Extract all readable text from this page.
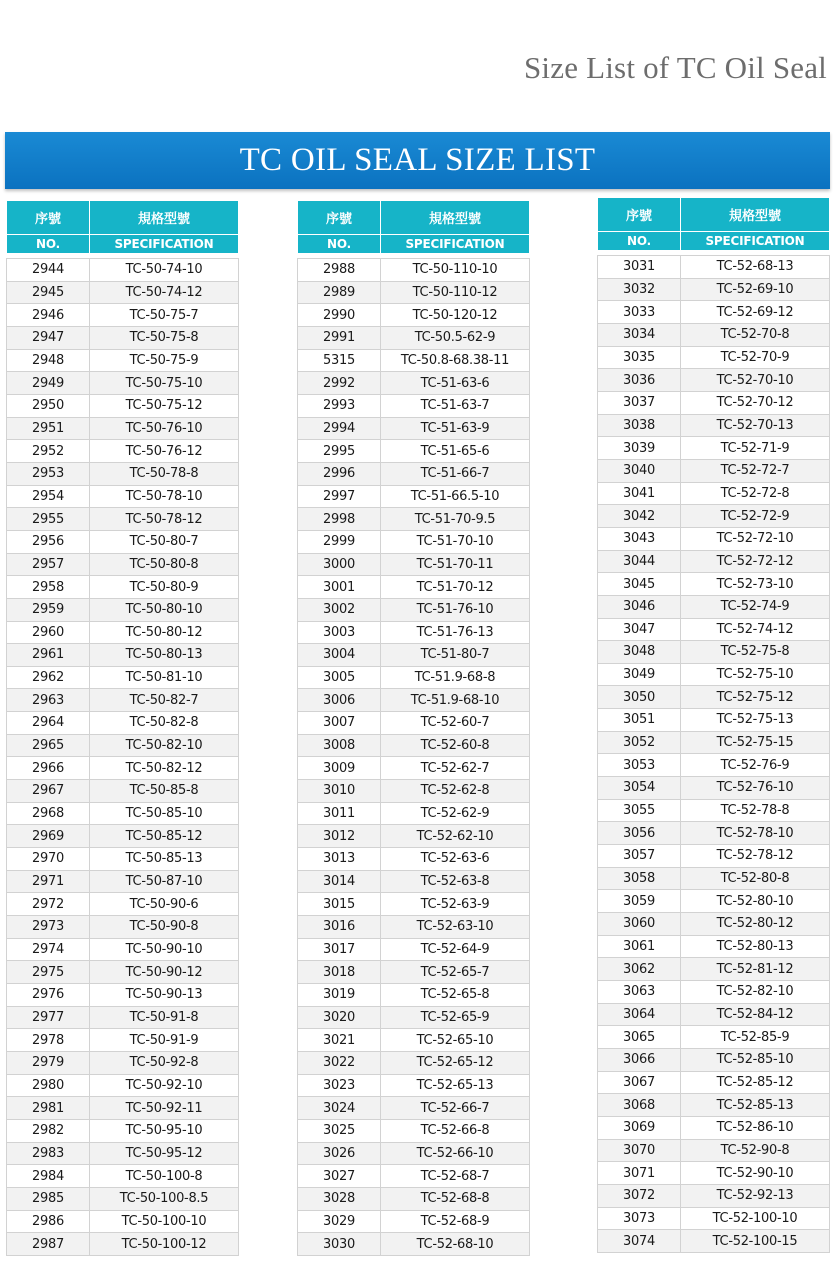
Size List of TC Oil Seal
TC OIL SEAL SIZE LIST
序號	規格型號
NO.	SPECIFICATION

2944	TC-50-74-10
2945	TC-50-74-12
2946	TC-50-75-7
2947	TC-50-75-8
2948	TC-50-75-9
2949	TC-50-75-10
2950	TC-50-75-12
2951	TC-50-76-10
2952	TC-50-76-12
2953	TC-50-78-8
2954	TC-50-78-10
2955	TC-50-78-12
2956	TC-50-80-7
2957	TC-50-80-8
2958	TC-50-80-9
2959	TC-50-80-10
2960	TC-50-80-12
2961	TC-50-80-13
2962	TC-50-81-10
2963	TC-50-82-7
2964	TC-50-82-8
2965	TC-50-82-10
2966	TC-50-82-12
2967	TC-50-85-8
2968	TC-50-85-10
2969	TC-50-85-12
2970	TC-50-85-13
2971	TC-50-87-10
2972	TC-50-90-6
2973	TC-50-90-8
2974	TC-50-90-10
2975	TC-50-90-12
2976	TC-50-90-13
2977	TC-50-91-8
2978	TC-50-91-9
2979	TC-50-92-8
2980	TC-50-92-10
2981	TC-50-92-11
2982	TC-50-95-10
2983	TC-50-95-12
2984	TC-50-100-8
2985	TC-50-100-8.5
2986	TC-50-100-10
2987	TC-50-100-12
序號	規格型號
NO.	SPECIFICATION

2988	TC-50-110-10
2989	TC-50-110-12
2990	TC-50-120-12
2991	TC-50.5-62-9
5315	TC-50.8-68.38-11
2992	TC-51-63-6
2993	TC-51-63-7
2994	TC-51-63-9
2995	TC-51-65-6
2996	TC-51-66-7
2997	TC-51-66.5-10
2998	TC-51-70-9.5
2999	TC-51-70-10
3000	TC-51-70-11
3001	TC-51-70-12
3002	TC-51-76-10
3003	TC-51-76-13
3004	TC-51-80-7
3005	TC-51.9-68-8
3006	TC-51.9-68-10
3007	TC-52-60-7
3008	TC-52-60-8
3009	TC-52-62-7
3010	TC-52-62-8
3011	TC-52-62-9
3012	TC-52-62-10
3013	TC-52-63-6
3014	TC-52-63-8
3015	TC-52-63-9
3016	TC-52-63-10
3017	TC-52-64-9
3018	TC-52-65-7
3019	TC-52-65-8
3020	TC-52-65-9
3021	TC-52-65-10
3022	TC-52-65-12
3023	TC-52-65-13
3024	TC-52-66-7
3025	TC-52-66-8
3026	TC-52-66-10
3027	TC-52-68-7
3028	TC-52-68-8
3029	TC-52-68-9
3030	TC-52-68-10
序號	規格型號
NO.	SPECIFICATION

3031	TC-52-68-13
3032	TC-52-69-10
3033	TC-52-69-12
3034	TC-52-70-8
3035	TC-52-70-9
3036	TC-52-70-10
3037	TC-52-70-12
3038	TC-52-70-13
3039	TC-52-71-9
3040	TC-52-72-7
3041	TC-52-72-8
3042	TC-52-72-9
3043	TC-52-72-10
3044	TC-52-72-12
3045	TC-52-73-10
3046	TC-52-74-9
3047	TC-52-74-12
3048	TC-52-75-8
3049	TC-52-75-10
3050	TC-52-75-12
3051	TC-52-75-13
3052	TC-52-75-15
3053	TC-52-76-9
3054	TC-52-76-10
3055	TC-52-78-8
3056	TC-52-78-10
3057	TC-52-78-12
3058	TC-52-80-8
3059	TC-52-80-10
3060	TC-52-80-12
3061	TC-52-80-13
3062	TC-52-81-12
3063	TC-52-82-10
3064	TC-52-84-12
3065	TC-52-85-9
3066	TC-52-85-10
3067	TC-52-85-12
3068	TC-52-85-13
3069	TC-52-86-10
3070	TC-52-90-8
3071	TC-52-90-10
3072	TC-52-92-13
3073	TC-52-100-10
3074	TC-52-100-15
